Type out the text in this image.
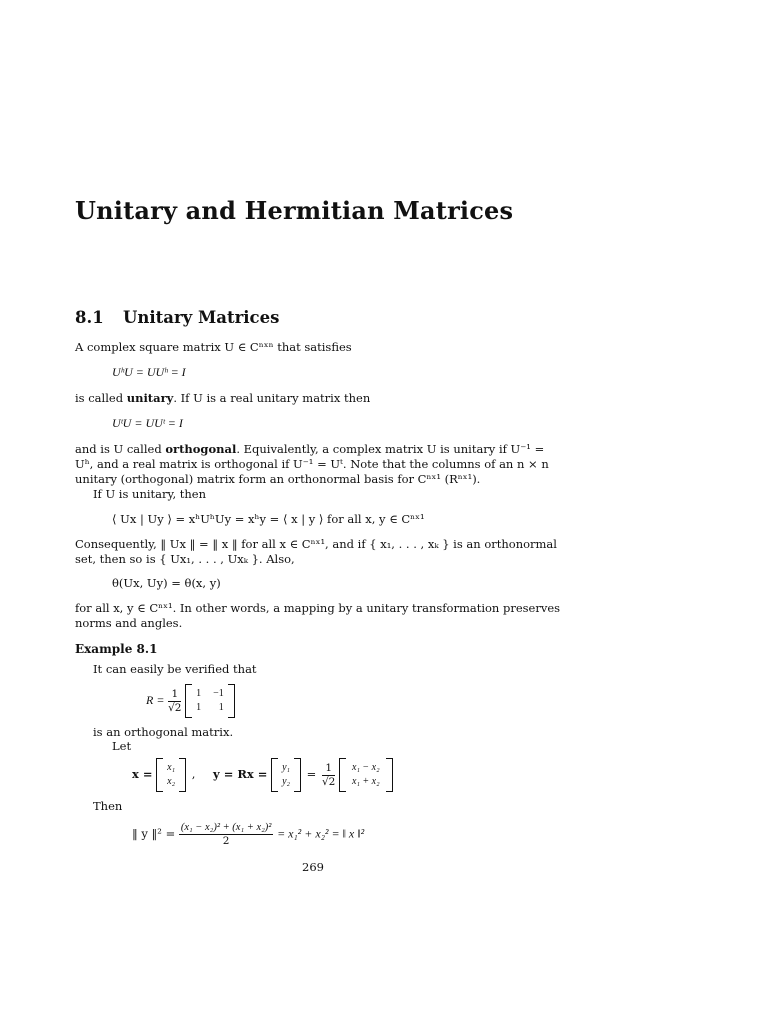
Unitary and Hermitian Matrices
8.1 Unitary Matrices
A complex square matrix U ∈ Cⁿˣⁿ that satisfies
UʰU = UUʰ = I
is called unitary. If U is a real unitary matrix then
UᵗU = UUᵗ = I
and is U called orthogonal. Equivalently, a complex matrix U is unitary if U⁻¹ =
Uʰ, and a real matrix is orthogonal if U⁻¹ = Uᵗ. Note that the columns of an n × n
unitary (orthogonal) matrix form an orthonormal basis for Cⁿˣ¹ (Rⁿˣ¹).
If U is unitary, then
⟨ Ux | Uy ⟩ = xʰUʰUy = xʰy = ⟨ x | y ⟩ for all x, y ∈ Cⁿˣ¹
Consequently, ‖ Ux ‖ = ‖ x ‖ for all x ∈ Cⁿˣ¹, and if { x₁, . . . , xₖ } is an orthonormal
set, then so is { Ux₁, . . . , Uxₖ }. Also,
θ(Ux, Uy) = θ(x, y)
for all x, y ∈ Cⁿˣ¹. In other words, a mapping by a unitary transformation preserves
norms and angles.
Example 8.1
It can easily be verified that
$R = \frac{1}{√2}$
1 −1
1	1
is an orthogonal matrix.
Let
x = x₁
x₂
, y = Rx = y₁
y₂
= $\frac{1}{√2}$
x₁ − x₂
x₁ + x₂
Then
‖ y ‖² = $\frac{\text{(x₁ − x₂)² + (x₁ + x₂)²}}{2} = x_1^2 + x_2^2$ = ‖ x ‖²
269
